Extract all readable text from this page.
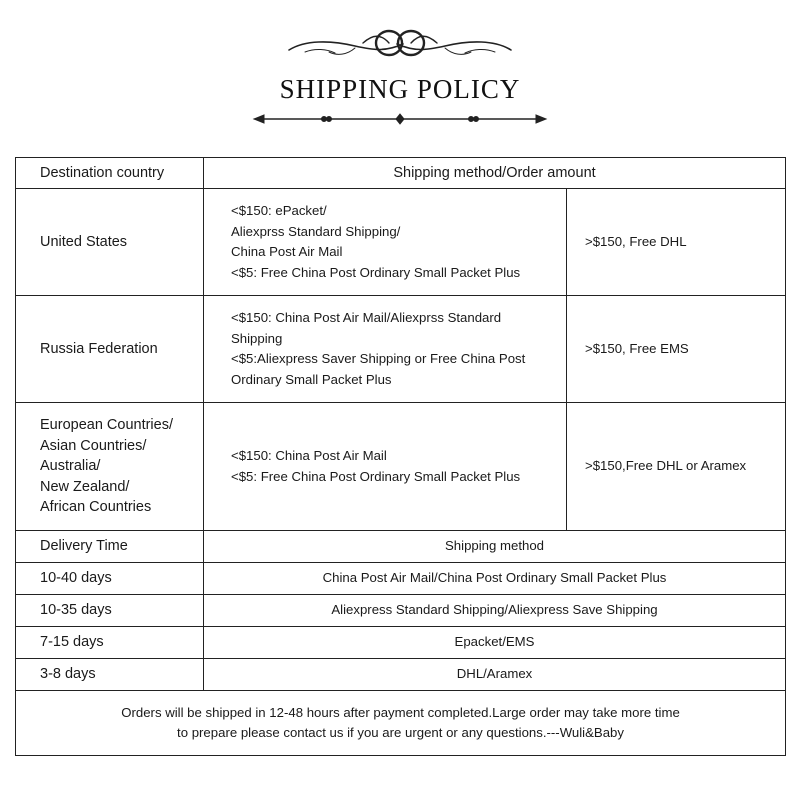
SHIPPING POLICY
Destination country	Shipping method/Order amount	

United States	<$150: ePacket/
Aliexprss Standard Shipping/
China Post Air Mail
<$5: Free China Post Ordinary Small Packet Plus	>$150, Free DHL

Russia Federation	<$150: China Post Air Mail/Aliexprss Standard
Shipping
<$5:Aliexpress Saver Shipping or Free China Post
Ordinary Small Packet Plus	>$150, Free EMS

European Countries/
Asian Countries/
Australia/
New Zealand/
African Countries	<$150: China Post Air Mail
<$5: Free China Post Ordinary Small Packet Plus	>$150,Free DHL or Aramex
Delivery Time	Shipping method	
10-40 days	China Post Air Mail/China Post Ordinary Small Packet Plus	
10-35 days	Aliexpress Standard Shipping/Aliexpress Save Shipping	
7-15 days	Epacket/EMS	
3-8 days	DHL/Aramex	

Orders will be shipped in 12-48 hours after payment completed.Large order may take more time
to prepare please contact us if you are urgent or any questions.---Wuli&Baby		
